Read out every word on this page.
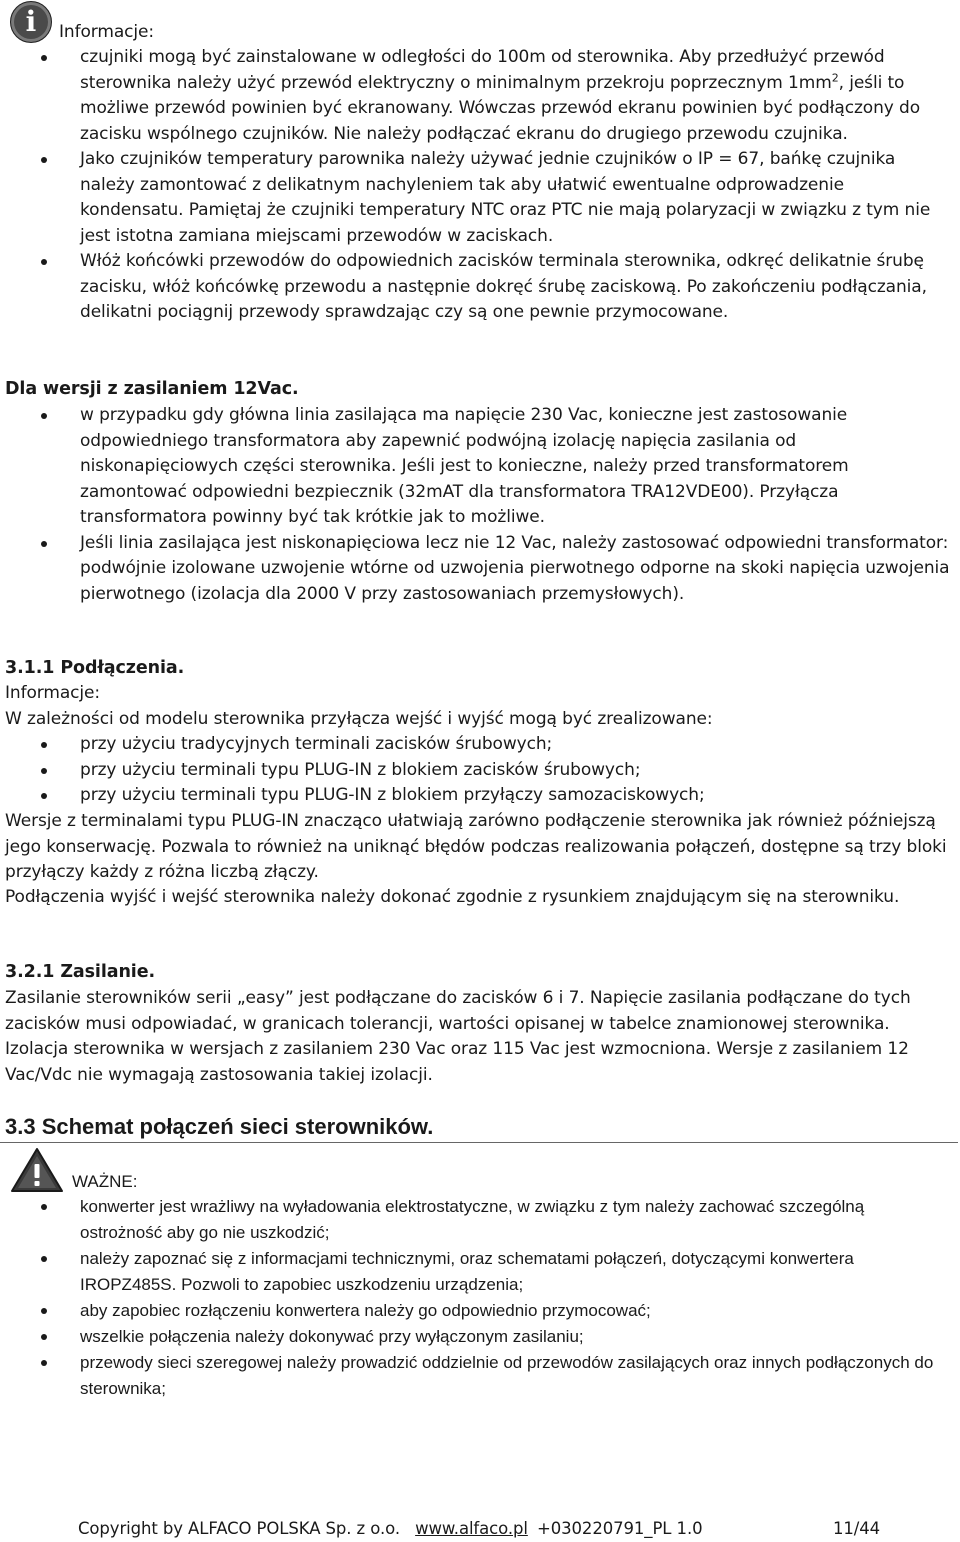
i	Informacje:
czujniki mogą być zainstalowane w odległości do 100m od sterownika. Aby przedłużyć przewód sterownika należy użyć przewód elektryczny o minimalnym przekroju poprzecznym $1mm^2$, jeśli to możliwe przewód powinien być ekranowany. Wówczas przewód ekranu powinien być podłączony do zacisku wspólnego czujników. Nie należy podłączać ekranu do drugiego przewodu czujnika.
Jako czujników temperatury parownika należy używać jednie czujników o IP = 67, bańkę czujnika należy zamontować z delikatnym nachyleniem tak aby ułatwić ewentualne odprowadzenie kondensatu. Pamiętaj że czujniki temperatury NTC oraz PTC nie mają polaryzacji w związku z tym nie jest istotna zamiana miejscami przewodów w zaciskach.
Włóż końcówki przewodów do odpowiednich zacisków terminala sterownika, odkręć delikatnie śrubę zacisku, włóż końcówkę przewodu a następnie dokręć śrubę zaciskową. Po zakończeniu podłączania, delikatni pociągnij przewody sprawdzając czy są one pewnie przymocowane.
Dla wersji z zasilaniem 12Vac.
w przypadku gdy główna linia zasilająca ma napięcie 230 Vac, konieczne jest zastosowanie odpowiedniego transformatora aby zapewnić podwójną izolację napięcia zasilania od niskonapięciowych części sterownika. Jeśli jest to konieczne, należy przed transformatorem zamontować odpowiedni bezpiecznik (32mAT dla transformatora TRA12VDE00). Przyłącza transformatora powinny być tak krótkie jak to możliwe.
Jeśli linia zasilająca jest niskonapięciowa lecz nie 12 Vac, należy zastosować odpowiedni transformator: podwójnie izolowane uzwojenie wtórne od uzwojenia pierwotnego odporne na skoki napięcia uzwojenia pierwotnego (izolacja dla 2000 V przy zastosowaniach przemysłowych).
3.1.1 Podłączenia.
Informacje:
W zależności od modelu sterownika przyłącza wejść i wyjść mogą być zrealizowane:
przy użyciu tradycyjnych terminali zacisków śrubowych;
przy użyciu terminali typu PLUG-IN z blokiem zacisków śrubowych;
przy użyciu terminali typu PLUG-IN z blokiem przyłączy samozaciskowych;
Wersje z terminalami typu PLUG-IN znacząco ułatwiają zarówno podłączenie sterownika jak również późniejszą jego konserwację. Pozwala to również na uniknąć błędów podczas realizowania połączeń, dostępne są trzy bloki przyłączy każdy z różna liczbą złączy.
Podłączenia wyjść i wejść sterownika należy dokonać zgodnie z rysunkiem znajdującym się na sterowniku.
3.2.1 Zasilanie.
Zasilanie sterowników serii „easy” jest podłączane do zacisków 6 i 7. Napięcie zasilania podłączane do tych zacisków musi odpowiadać, w granicach tolerancji, wartości opisanej w tabelce znamionowej sterownika. Izolacja sterownika w wersjach z zasilaniem 230 Vac oraz 115 Vac jest wzmocniona. Wersje z zasilaniem 12 Vac/Vdc nie wymagają zastosowania takiej izolacji.
3.3 Schemat połączeń sieci sterowników.
WAŻNE:
konwerter jest wrażliwy na wyładowania elektrostatyczne, w związku z tym należy zachować szczególną ostrożność aby go nie uszkodzić;
należy zapoznać się z informacjami technicznymi, oraz schematami połączeń, dotyczącymi konwertera IROPZ485S. Pozwoli to zapobiec uszkodzeniu urządzenia;
aby zapobiec rozłączeniu konwertera należy go odpowiednio przymocować;
wszelkie połączenia należy dokonywać przy wyłączonym zasilaniu;
przewody sieci szeregowej należy prowadzić oddzielnie od przewodów zasilających oraz innych podłączonych do sterownika;
Copyright by ALFACO POLSKA Sp. z o.o. www.alfaco.pl +030220791_PL 1.0	11/44
